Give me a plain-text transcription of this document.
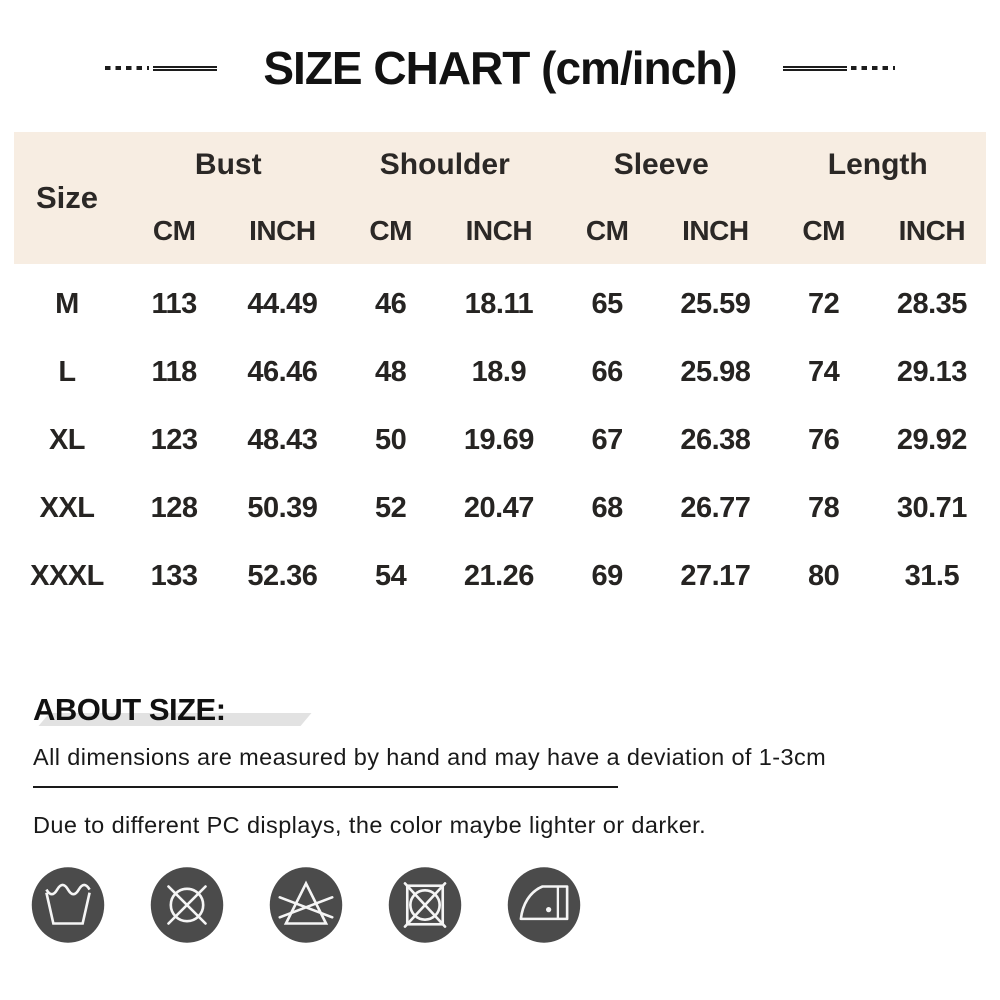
SIZE CHART (cm/inch)
Size
Bust	Shoulder	Sleeve	Length
CM	INCH	CM	INCH	CM	INCH	CM	INCH
M	113	44.49	46	18.11	65	25.59	72	28.35
L	118	46.46	48	18.9	66	25.98	74	29.13
XL	123	48.43	50	19.69	67	26.38	76	29.92
XXL	128	50.39	52	20.47	68	26.77	78	30.71
XXXL	133	52.36	54	21.26	69	27.17	80	31.5
ABOUT SIZE:
All dimensions are measured by hand and may have a deviation of 1-3cm
Due to different PC displays, the color maybe lighter or darker.
